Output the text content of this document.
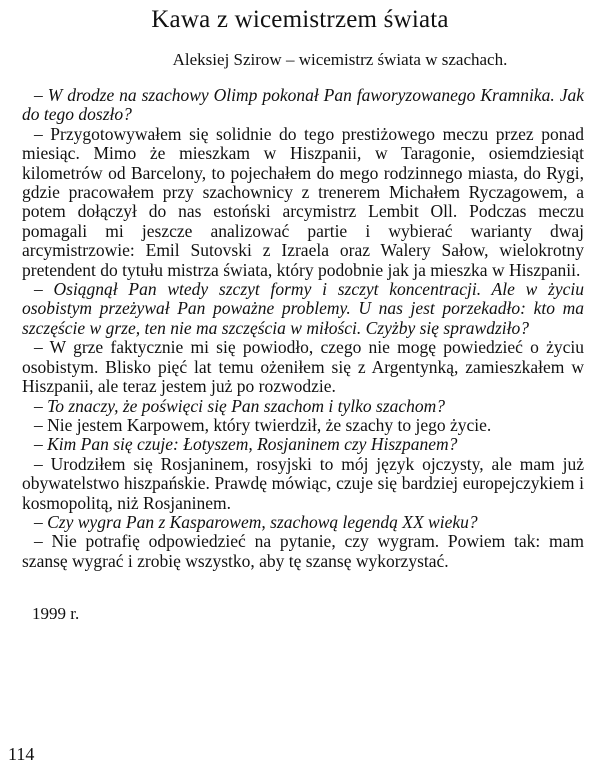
Kawa z wicemistrzem świata
Aleksiej Szirow – wicemistrz świata w szachach.

– W drodze na szachowy Olimp pokonał Pan faworyzowanego Kramnika. Jak do tego doszło?

– Przygotowywałem się solidnie do tego prestiżowego meczu przez ponad miesiąc. Mimo że mieszkam w Hiszpanii, w Taragonie, osiemdziesiąt kilometrów od Barcelony, to pojechałem do mego rodzinnego miasta, do Rygi, gdzie pracowałem przy szachownicy z trenerem Michałem Ryczagowem, a potem dołączył do nas estoński arcymistrz Lembit Oll. Podczas meczu pomagali mi jeszcze analizować partie i wybierać warianty dwaj arcymistrzowie: Emil Sutovski z Izraela oraz Walery Sałow, wielokrotny pretendent do tytułu mistrza świata, który podobnie jak ja mieszka w Hiszpanii.

– Osiągnął Pan wtedy szczyt formy i szczyt koncentracji. Ale w życiu osobistym przeżywał Pan poważne problemy. U nas jest porzekadło: kto ma szczęście w grze, ten nie ma szczęścia w miłości. Czyżby się sprawdziło?

– W grze faktycznie mi się powiodło, czego nie mogę powiedzieć o życiu osobistym. Blisko pięć lat temu ożeniłem się z Argentynką, zamieszkałem w Hiszpanii, ale teraz jestem już po rozwodzie.

– To znaczy, że poświęci się Pan szachom i tylko szachom?

– Nie jestem Karpowem, który twierdził, że szachy to jego życie.

– Kim Pan się czuje: Łotyszem, Rosjaninem czy Hiszpanem?

– Urodziłem się Rosjaninem, rosyjski to mój język ojczysty, ale mam już obywatelstwo hiszpańskie. Prawdę mówiąc, czuje się bardziej europejczykiem i kosmopolitą, niż Rosjaninem.

– Czy wygra Pan z Kasparowem, szachową legendą XX wieku?

– Nie potrafię odpowiedzieć na pytanie, czy wygram. Powiem tak: mam szansę wygrać i zrobię wszystko, aby tę szansę wykorzystać.

1999 r.
114
